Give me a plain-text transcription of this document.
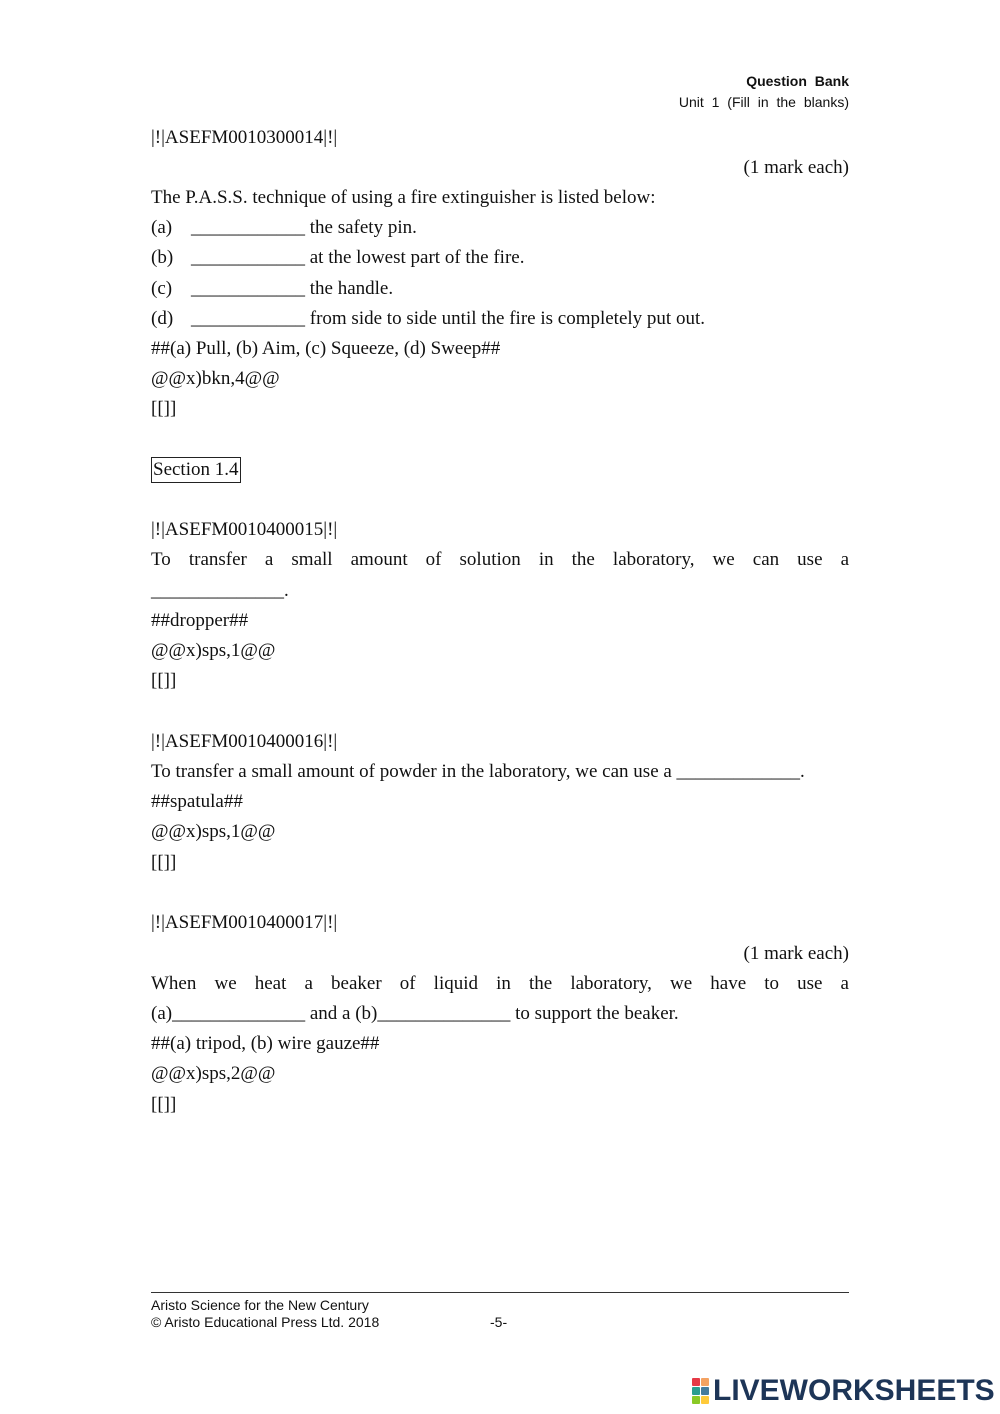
Question Bank
Unit 1 (Fill in the blanks)
|!|ASEFM0010300014|!|
(1 mark each)
The P.A.S.S. technique of using a fire extinguisher is listed below:
(a) ____________ the safety pin.
(b) ____________ at the lowest part of the fire.
(c) ____________ the handle.
(d) ____________ from side to side until the fire is completely put out.
##(a) Pull, (b) Aim, (c) Squeeze, (d) Sweep##
@@x)bkn,4@@
[[]]
Section 1.4
|!|ASEFM0010400015|!|
To transfer a small amount of solution in the laboratory, we can use a
______________.
##dropper##
@@x)sps,1@@
[[]]
|!|ASEFM0010400016|!|
To transfer a small amount of powder in the laboratory, we can use a _____________.
##spatula##
@@x)sps,1@@
[[]]
|!|ASEFM0010400017|!|
(1 mark each)
When we heat a beaker of liquid in the laboratory, we have to use a
(a)______________ and a (b)______________ to support the beaker.
##(a) tripod, (b) wire gauze##
@@x)sps,2@@
[[]]
Aristo Science for the New Century
© Aristo Educational Press Ltd. 2018	-5-
LIVEWORKSHEETS
